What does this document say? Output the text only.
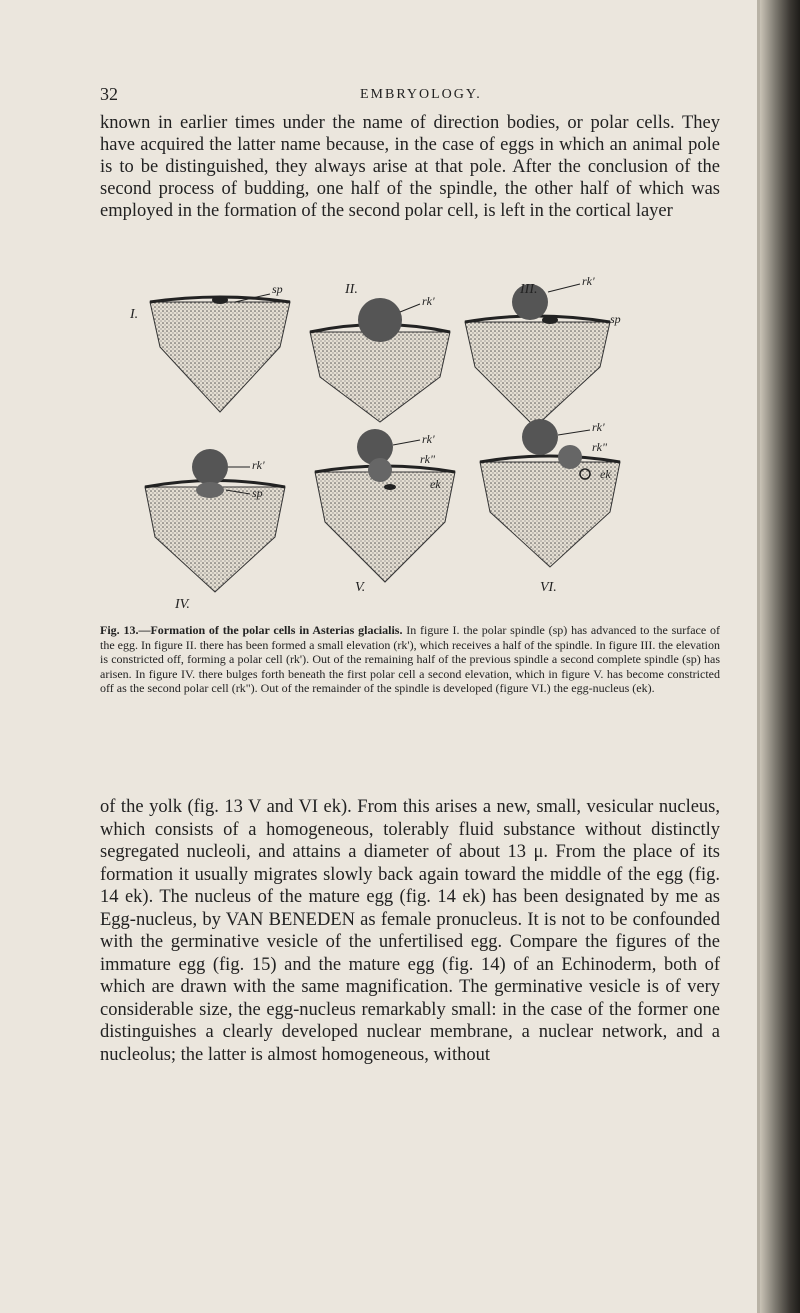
32	EMBRYOLOGY.
known in earlier times under the name of direction bodies, or polar cells. They have acquired the latter name because, in the case of eggs in which an animal pole is to be distinguished, they always arise at that pole. After the conclusion of the second process of budding, one half of the spindle, the other half of which was employed in the formation of the second polar cell, is left in the cortical layer
I.
II.	III.
IV.
V.	VI.
sp
rk'
rk'
sp
rk'
sp
rk'
rk"
ek
rk'
rk"
ek
Fig. 13.—Formation of the polar cells in Asterias glacialis. In figure I. the polar spindle (sp) has advanced to the surface of the egg. In figure II. there has been formed a small elevation (rk'), which receives a half of the spindle. In figure III. the elevation is constricted off, forming a polar cell (rk'). Out of the remaining half of the previous spindle a second complete spindle (sp) has arisen. In figure IV. there bulges forth beneath the first polar cell a second elevation, which in figure V. has become constricted off as the second polar cell (rk"). Out of the remainder of the spindle is developed (figure VI.) the egg-nucleus (ek).
of the yolk (fig. 13 V and VI ek). From this arises a new, small, vesicular nucleus, which consists of a homogeneous, tolerably fluid substance without distinctly segregated nucleoli, and attains a diameter of about 13 μ. From the place of its formation it usually migrates slowly back again toward the middle of the egg (fig. 14 ek). The nucleus of the mature egg (fig. 14 ek) has been designated by me as Egg-nucleus, by VAN BENEDEN as female pronucleus. It is not to be confounded with the germinative vesicle of the unfertilised egg. Compare the figures of the immature egg (fig. 15) and the mature egg (fig. 14) of an Echinoderm, both of which are drawn with the same magnification. The germinative vesicle is of very considerable size, the egg-nucleus remarkably small: in the case of the former one distinguishes a clearly developed nuclear membrane, a nuclear network, and a nucleolus; the latter is almost homogeneous, without
